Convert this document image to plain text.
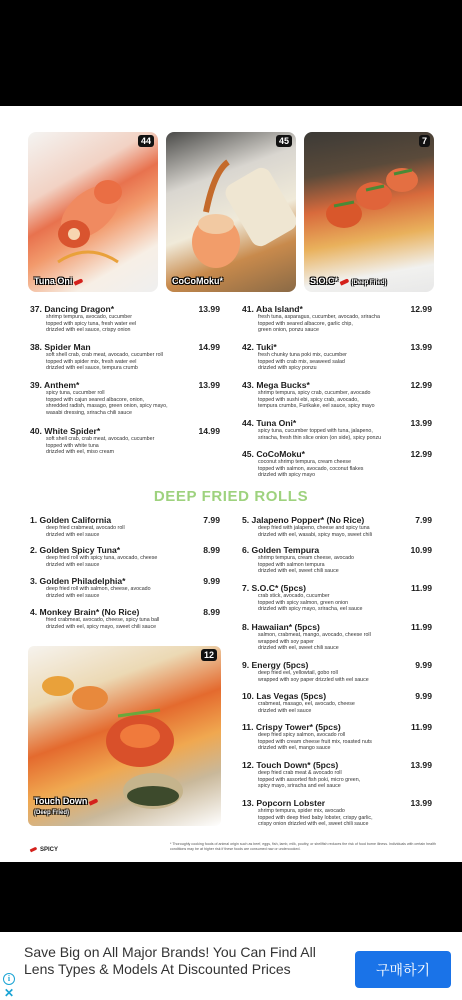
44
Tuna Oni
45
CoCoMoku*
7
S.O.C* (Deep Fried)
37. Dancing Dragon*	13.99
shrimp tempura, avocado, cucumber
topped with spicy tuna, fresh water eel
drizzled with eel sauce, crispy onion
38. Spider Man	14.99
soft shell crab, crab meat, avocado, cucumber roll
topped with spider mix, fresh water eel
drizzled with eel sauce, tempura crumb
39. Anthem*	13.99
spicy tuna, cucumber roll
topped with cajun seared albacore, onion,
shredded radish, masago, green onion, spicy mayo,
wasabi dressing, sriracha chili sauce
40. White Spider*	14.99
soft shell crab, crab meat, avocado, cucumber
topped with white tuna
drizzled with eel, miso cream
41. Aba Island*	12.99
fresh tuna, asparagus, cucumber, avocado, sriracha
topped with seared albacore, garlic chip,
green onion, ponzu sauce
42. Tuki*	13.99
fresh chunky tuna poki mix, cucumber
topped with crab mix, seaweed salad
drizzled with spicy ponzu
43. Mega Bucks*	12.99
shrimp tempura, spicy crab, cucumber, avocado
topped with sushi ebi, spicy crab, avocado,
tempura crumbs, Furikake, eel sauce, spicy mayo
44. Tuna Oni*	13.99
spicy tuna, cucumber topped with tuna, jalapeno,
sriracha, fresh thin slice onion (on side), spicy ponzu
45. CoCoMoku*	12.99
coconut shrimp tempura, cream cheese
topped with salmon, avocado, coconut flakes
drizzled with spicy mayo
DEEP FRIED ROLLS
1. Golden California	7.99
deep fried crabmeat, avocado roll
drizzled with eel sauce
2. Golden Spicy Tuna*	8.99
deep fried roll with spicy tuna, avocado, cheese
drizzled with eel sauce
3. Golden Philadelphia*	9.99
deep fried roll with salmon, cheese, avocado
drizzled with eel sauce
4. Monkey Brain* (No Rice)	8.99
fried crabmeat, avocado, cheese, spicy tuna ball
drizzled with eel, spicy mayo, sweet chili sauce
5. Jalapeno Popper* (No Rice)	7.99
deep fried with jalapeno, cheese and spicy tuna
drizzled with eel, wasabi, spicy mayo, sweet chili
6. Golden Tempura	10.99
shrimp tempura, cream cheese, avocado
topped with salmon tempura
drizzled with eel, sweet chili sauce
7. S.O.C* (5pcs)	11.99
crab stick, avocado, cucumber
topped with spicy salmon, green onion
drizzled with spicy mayo, sriracha, eel sauce
8. Hawaiian* (5pcs)	11.99
salmon, crabmeat, mango, avocado, cheese roll
wrapped with soy paper
drizzled with eel, sweet chili sauce
9. Energy (5pcs)	9.99
deep fried eel, yellowtail, gobo roll
wrapped with soy paper drizzled with eel sauce
10. Las Vegas (5pcs)	9.99
crabmeat, masago, eel, avocado, cheese
drizzled with eel sauce
11. Crispy Tower* (5pcs)	11.99
deep fried spicy salmon, avocado roll
topped with cream cheese fruit mix, roasted nuts
drizzled with eel, mango sauce
12. Touch Down* (5pcs)	13.99
deep fried crab meat & avocado roll
topped with assorted fish poki, micro green,
spicy mayo, sriracha and eel sauce
13. Popcorn Lobster	13.99
shrimp tempura, spider mix, avocado
topped with deep fried baby lobster, crispy garlic,
crispy onion drizzled with eel, sweet chili sauce
12
Touch Down
(Deep Fried)
SPICY
* Thoroughly cooking foods of animal origin such as beef, eggs, fish, lamb, milk, poultry, or shellfish reduces the risk of food borne illness. Individuals with certain health conditions may be at higher risk if these foods are consumed raw or undercooked.
Save Big on All Major Brands! You Can Find All Lens Types & Models At Discounted Prices	구매하기
i
✕
